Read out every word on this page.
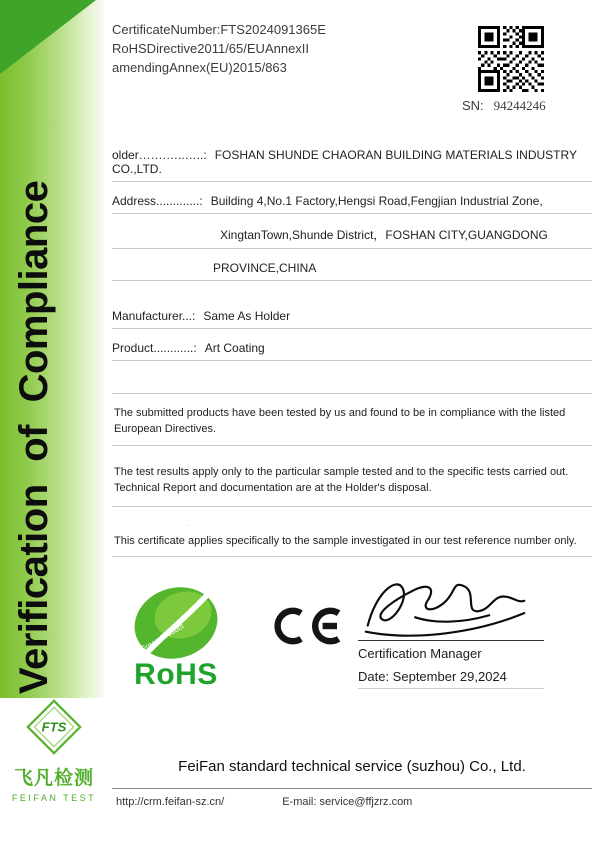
Verification of Compliance
FTS
飞凡检测
FEIFAN TEST
CertificateNumber:FTS2024091365E
RoHSDirective2011/65/EUAnnexII
amendingAnnex(EU)2015/863
SN: 94244246
older…….…..…..: FOSHAN SHUNDE CHAORAN BUILDING MATERIALS INDUSTRY CO.,LTD.
Address.............: Building 4,No.1 Factory,Hengsi Road,Fengjian Industrial Zone,
XingtanTown,Shunde District，FOSHAN CITY,GUANGDONG
PROVINCE,CHINA
Manufacturer...: Same As Holder
Product............: Art Coating

The submitted products have been tested by us and found to be in compliance with the listed European Directives.

The test results apply only to the particular sample tested and to the specific tests carried out. Technical Report and documentation are at the Holder's disposal.

This certificate applies specifically to the sample investigated in our test reference number only.

Green Product
RoHS
CE
Certification Manager
Date: September 29,2024
FeiFan standard technical service (suzhou) Co., Ltd.
http://crm.feifan-sz.cn/	E-mail: service@ffjzrz.com
